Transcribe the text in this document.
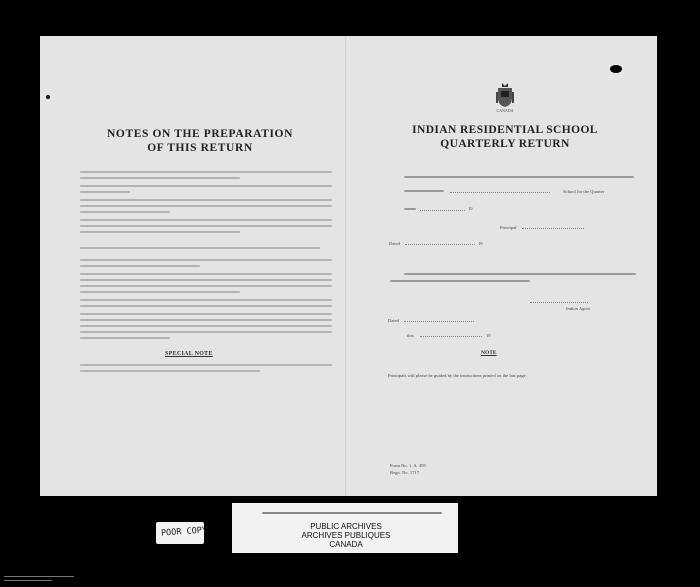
NOTES ON THE PREPARATION
OF THIS RETURN
SPECIAL NOTE
CANADA
INDIAN RESIDENTIAL SCHOOL
QUARTERLY RETURN
School for the Quarter
19
Principal
Dated	19
Indian Agent
Dated
this	19
NOTE
Principals will please be guided by the instructions printed on the last page.
Form No. 1. A. 495
Regn. No. 1717
POOR COPY	PUBLIC ARCHIVES
ARCHIVES PUBLIQUES
CANADA
